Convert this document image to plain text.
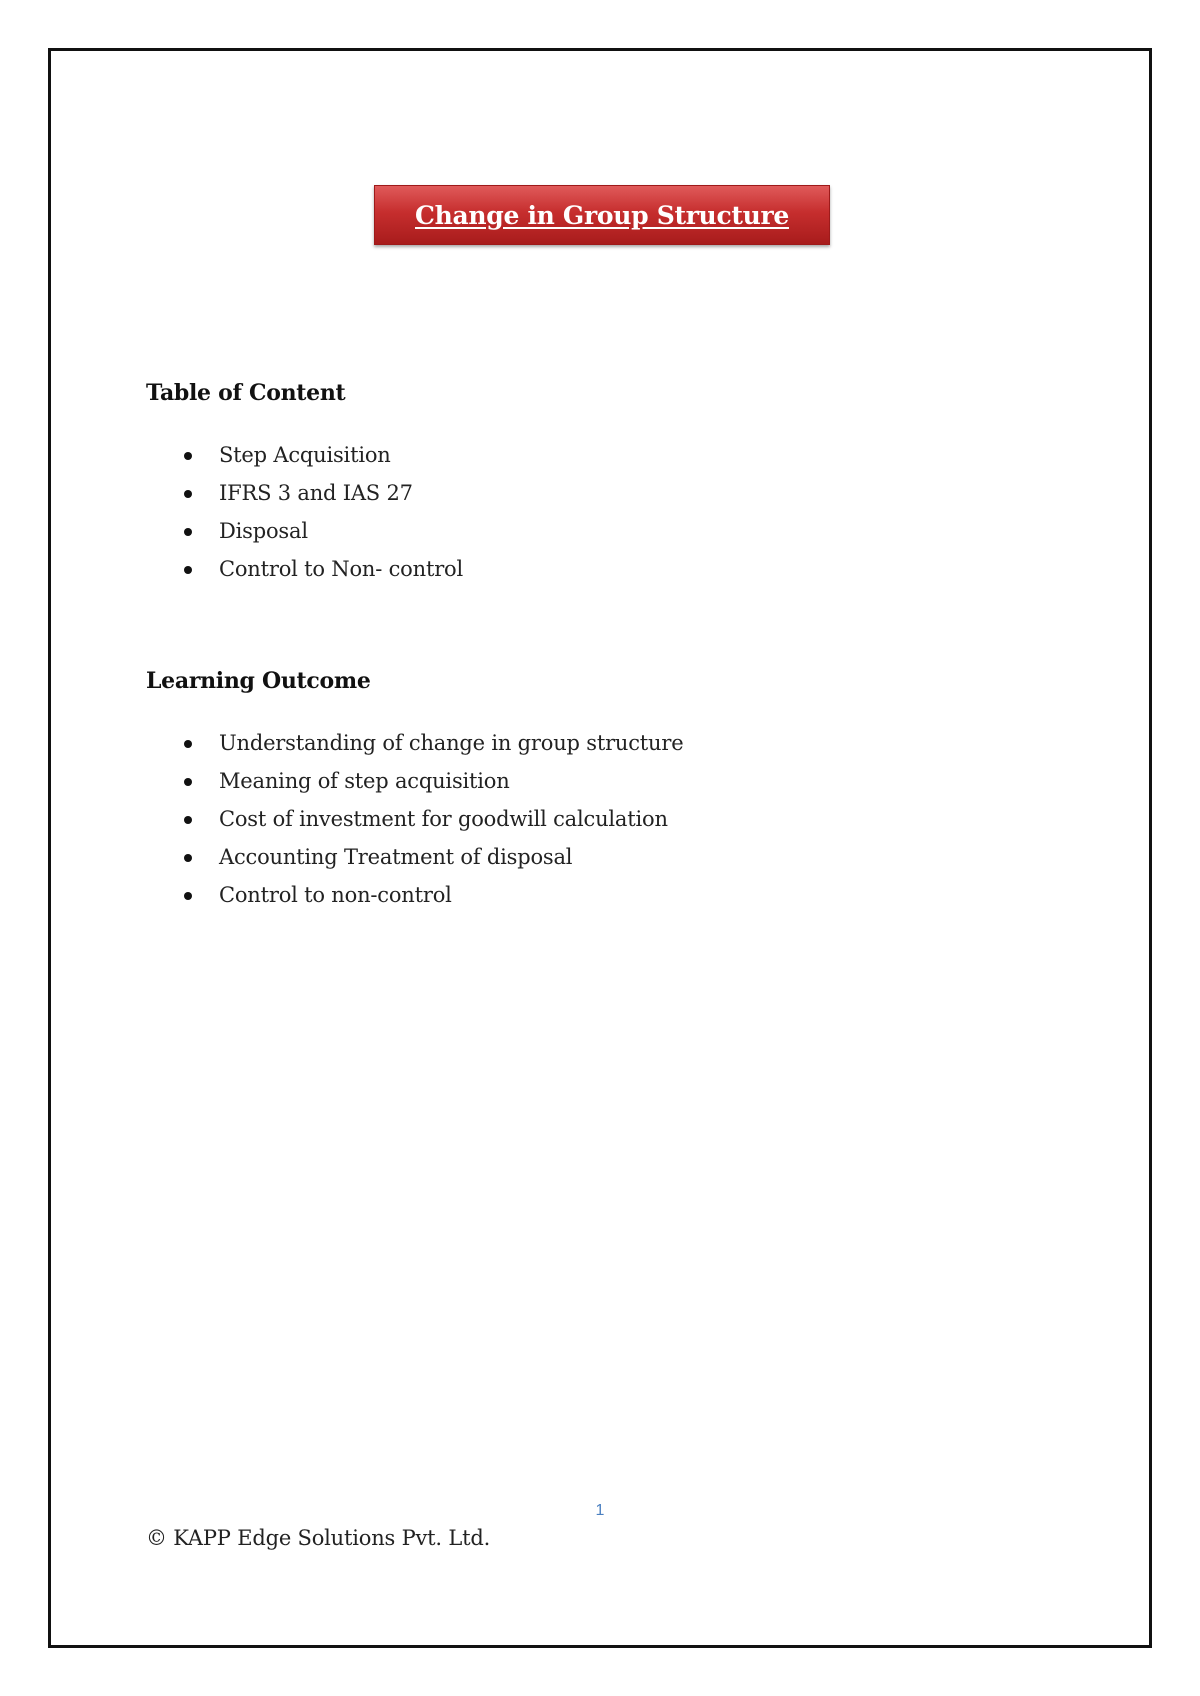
Change in Group Structure
Table of Content
Step Acquisition
IFRS 3 and IAS 27
Disposal
Control to Non- control
Learning Outcome
Understanding of change in group structure
Meaning of step acquisition
Cost of investment for goodwill calculation
Accounting Treatment of disposal
Control to non-control
1
© KAPP Edge Solutions Pvt. Ltd.
